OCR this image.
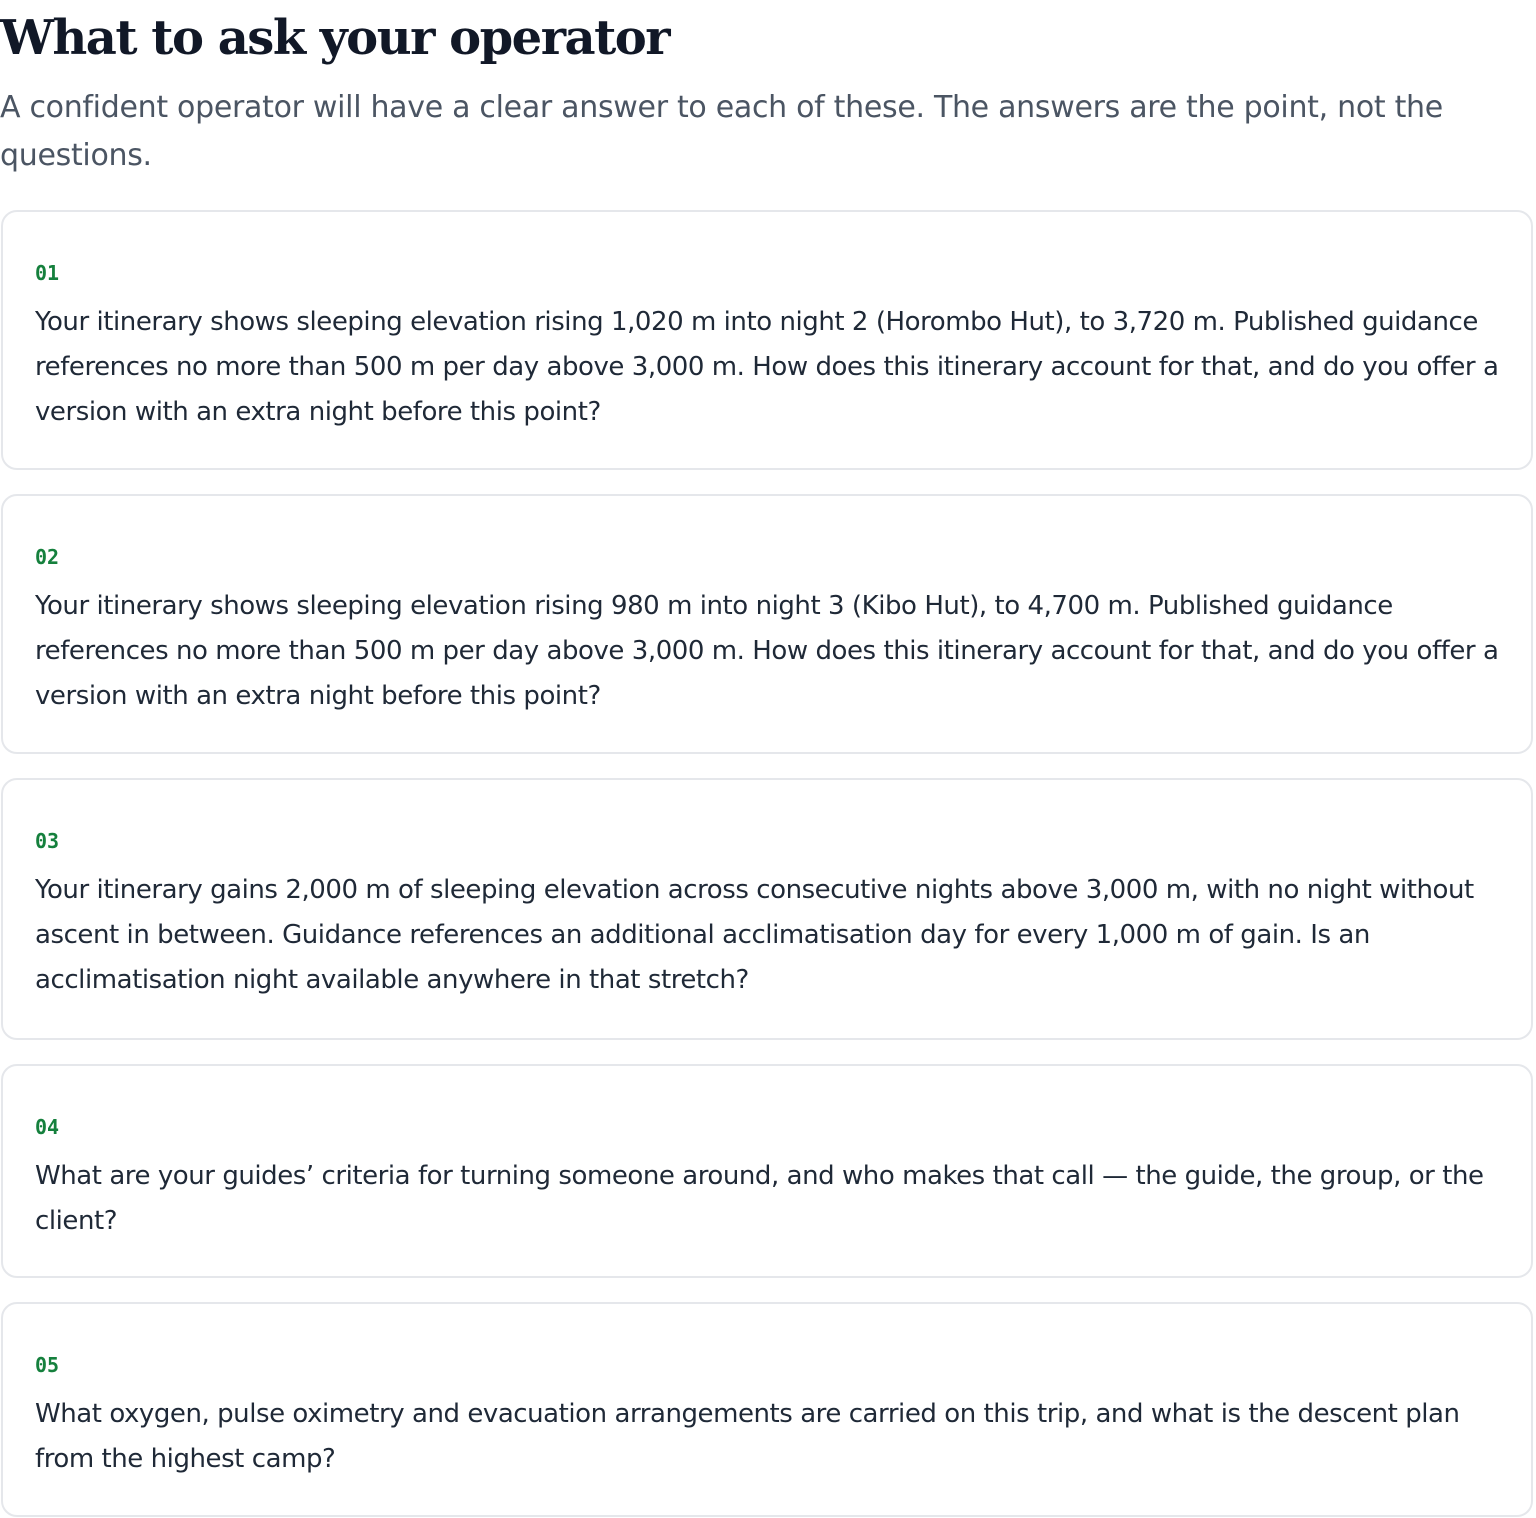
What to ask your operator

A confident operator will have a clear answer to each of these. The answers are the point, not the questions.

01

Your itinerary shows sleeping elevation rising 1,020 m into night 2 (Horombo Hut), to 3,720 m. Published guidance references no more than 500 m per day above 3,000 m. How does this itinerary account for that, and do you offer a version with an extra night before this point?

02

Your itinerary shows sleeping elevation rising 980 m into night 3 (Kibo Hut), to 4,700 m. Published guidance references no more than 500 m per day above 3,000 m. How does this itinerary account for that, and do you offer a version with an extra night before this point?

03

Your itinerary gains 2,000 m of sleeping elevation across consecutive nights above 3,000 m, with no night without ascent in between. Guidance references an additional acclimatisation day for every 1,000 m of gain. Is an acclimatisation night available anywhere in that stretch?

04

What are your guides’ criteria for turning someone around, and who makes that call — the guide, the group, or the client?

05

What oxygen, pulse oximetry and evacuation arrangements are carried on this trip, and what is the descent plan from the highest camp?
